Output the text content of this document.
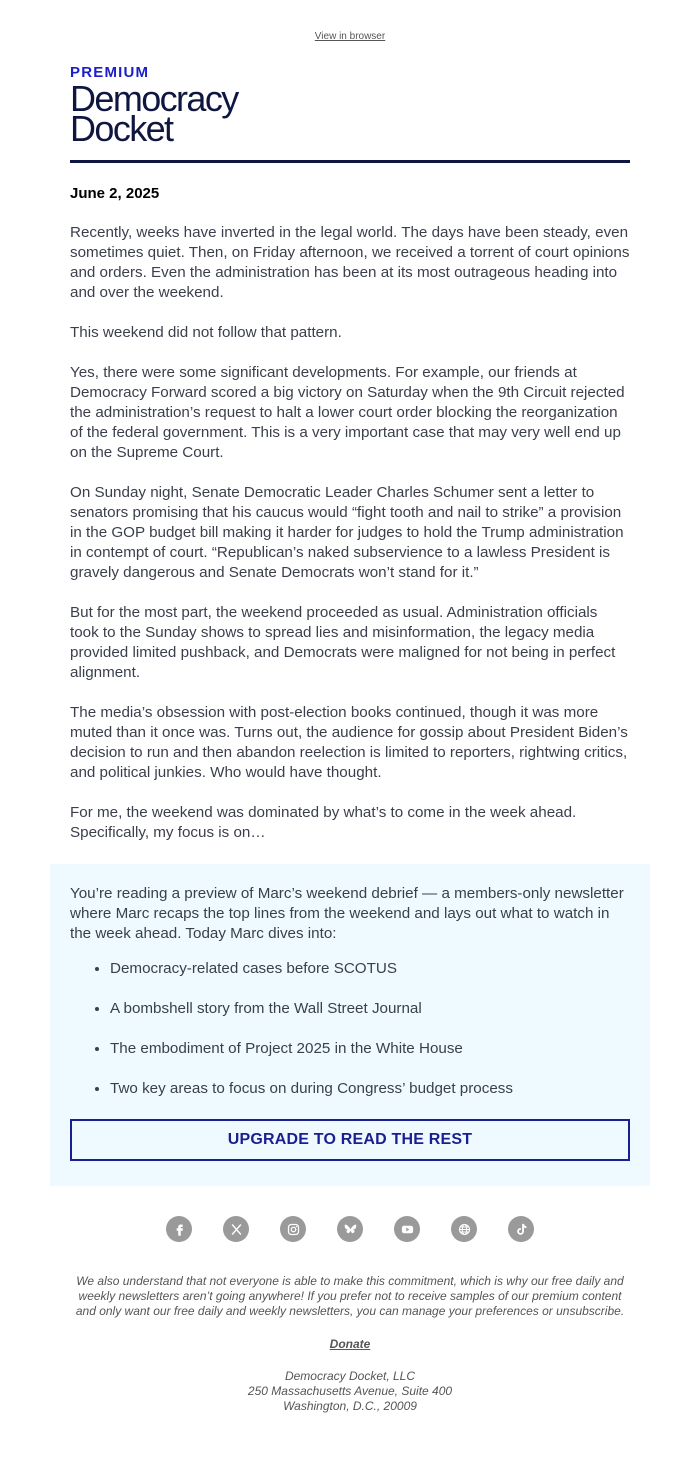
View in browser
PREMIUM
Democracy
Docket
June 2, 2025

Recently, weeks have inverted in the legal world. The days have been steady, even sometimes quiet. Then, on Friday afternoon, we received a torrent of court opinions and orders. Even the administration has been at its most outrageous heading into and over the weekend.

This weekend did not follow that pattern.

Yes, there were some significant developments. For example, our friends at Democracy Forward scored a big victory on Saturday when the 9th Circuit rejected the administration’s request to halt a lower court order blocking the reorganization of the federal government. This is a very important case that may very well end up on the Supreme Court.

On Sunday night, Senate Democratic Leader Charles Schumer sent a letter to senators promising that his caucus would “fight tooth and nail to strike” a provision in the GOP budget bill making it harder for judges to hold the Trump administration in contempt of court. “Republican’s naked subservience to a lawless President is gravely dangerous and Senate Democrats won’t stand for it.”

But for the most part, the weekend proceeded as usual. Administration officials took to the Sunday shows to spread lies and misinformation, the legacy media provided limited pushback, and Democrats were maligned for not being in perfect alignment.

The media’s obsession with post-election books continued, though it was more muted than it once was. Turns out, the audience for gossip about President Biden’s decision to run and then abandon reelection is limited to reporters, rightwing critics, and political junkies. Who would have thought.

For me, the weekend was dominated by what’s to come in the week ahead. Specifically, my focus is on…

You’re reading a preview of Marc’s weekend debrief — a members-only newsletter where Marc recaps the top lines from the weekend and lays out what to watch in the week ahead. Today Marc dives into:

• Democracy-related cases before SCOTUS
• A bombshell story from the Wall Street Journal
• The embodiment of Project 2025 in the White House
• Two key areas to focus on during Congress’ budget process
UPGRADE TO READ THE REST

We also understand that not everyone is able to make this commitment, which is why our free daily and weekly newsletters aren’t going anywhere! If you prefer not to receive samples of our premium content and only want our free daily and weekly newsletters, you can manage your preferences or unsubscribe.

Donate

Democracy Docket, LLC
250 Massachusetts Avenue, Suite 400
Washington, D.C., 20009
